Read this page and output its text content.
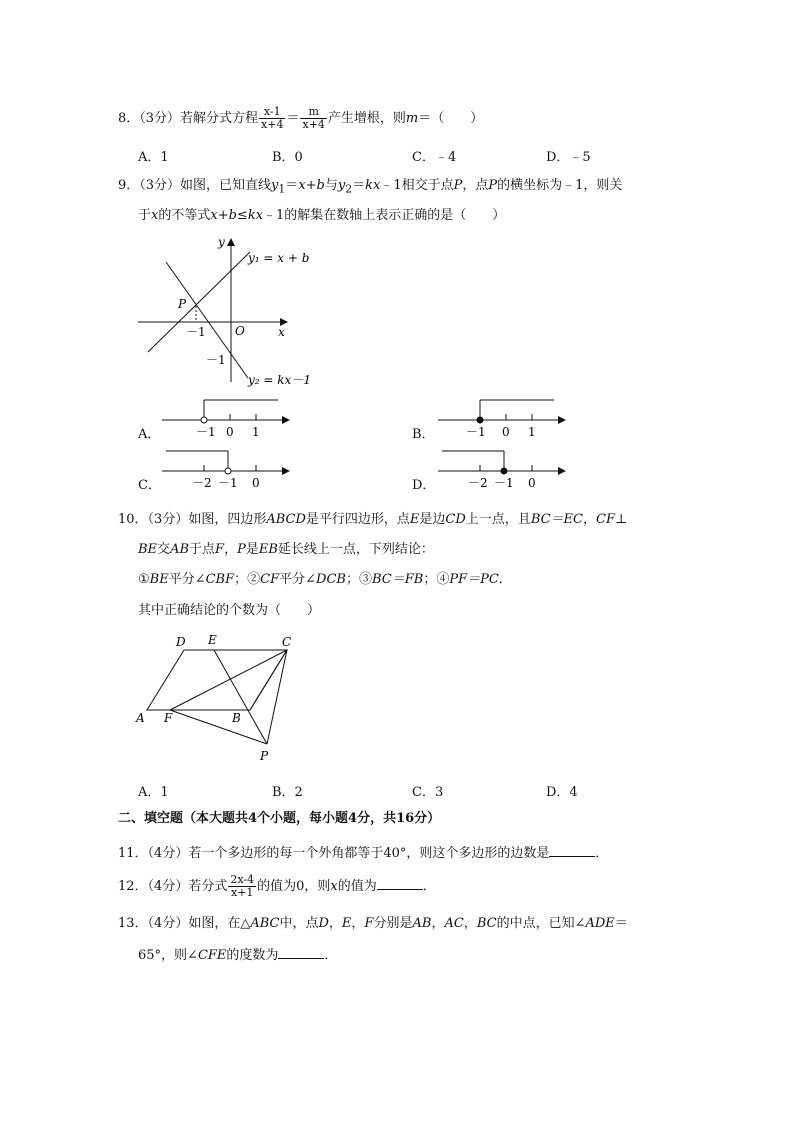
8．（3分）若解分式方程 $\frac{x-1}{x+4} = \frac{m}{x+4}$ 产生增根，则m＝（　　）
A．1	B．0	C．﹣4	D．﹣5
9．（3分）如图，已知直线$y_1=x+b$与$y_2=kx﹣1$相交于点P，点P的横坐标为﹣1，则关
于x的不等式x+b≤kx﹣1的解集在数轴上表示正确的是（　　）
y
x
O
P
－1
－1
y₁ = x + b
y₂ = kx－1
A．	－1 0 1	B．	－1 0 1
C．	－2 －1 0	D．	－2 －1 0
10．（3分）如图，四边形ABCD是平行四边形，点E是边CD上一点，且BC＝EC，CF⊥
BE交AB于点F，P是EB延长线上一点，下列结论：
①BE平分∠CBF；②CF平分∠DCB；③BC＝FB；④PF＝PC．
其中正确结论的个数为（　　）
D E	C
A F	B
P
A．1	B．2	C．3	D．4
二、填空题（本大题共4个小题，每小题4分，共16分）
11．（4分）若一个多边形的每一个外角都等于40°，则这个多边形的边数是	．
12．（4分）若分式 $\frac{2x-4}{x+1}$ 的值为0，则x的值为	．
13．（4分）如图，在△ABC中，点D，E，F分别是AB，AC，BC的中点，已知∠ADE＝
65°，则∠CFE的度数为	．
